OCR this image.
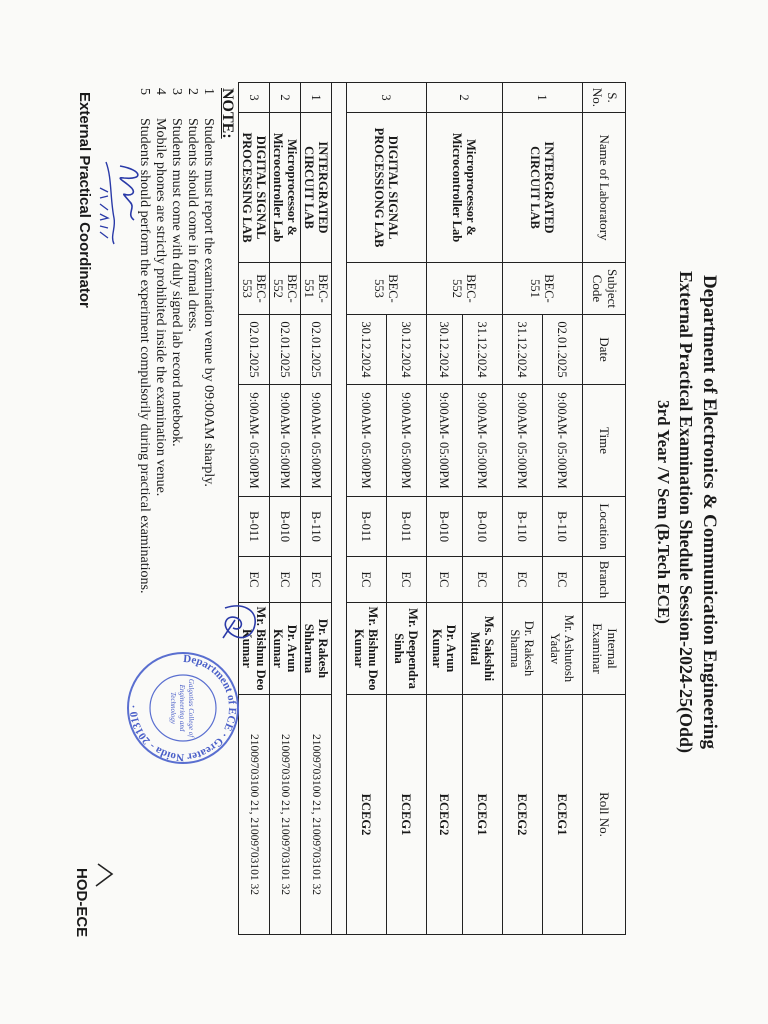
Department of Electronics & Communication Engineering
External Practical Examination Shedule Session-2024-25(Odd)
3rd Year /V Sem (B.Tech ECE)
S. No.	Name of Laboratory	Subject Code	Date	Time	Location	Branch	Internal Examinar	Roll No.
1	INTERGRATED CIRCUIT LAB	BEC-551	02.01.2025	9:00AM- 05:00PM	B-110	EC	Mr. Ashutosh Yadav	ECEG1
			31.12.2024	9:00AM- 05:00PM	B-110	EC	Dr. Rakesh Sharma	ECEG2
2	Microprocessor & Microcontroller Lab	BEC-552	31.12.2024	9:00AM- 05:00PM	B-010	EC	Ms. Sakshhi Mittal	ECEG1
			30.12.2024	9:00AM- 05:00PM	B-010	EC	Dr. Arun Kumar	ECEG2
3	DIGITAL SIGNAL PROCESSIONG LAB	BEC-553	30.12.2024	9:00AM- 05:00PM	B-011	EC	Mr. Deependra Sinha	ECEG1
			30.12.2024	9:00AM- 05:00PM	B-011	EC	Mr. Bishnu Deo Kumar	ECEG2

1	INTERGRATED CIRCUIT LAB	BEC-551	02.01.2025	9:00AM- 05:00PM	B-110	EC	Dr. Rakesh Shharma	21009703100 21, 21009703101 32
2	Microprocessor & Microcontroller Lab	BEC-552	02.01.2025	9:00AM- 05:00PM	B-010	EC	Dr. Arun Kumar	21009703100 21, 21009703101 32
3	DIGITAL SIGNAL PROCESSING LAB	BEC-553	02.01.2025	9:00AM- 05:00PM	B-011	EC	Mr. Bishnu Deo Kumar	21009703100 21, 21009703101 32
NOTE:
1
Students must report the examination venue by 09:00AM sharply.
2
Students should come in formal dress.
3
Students must come with duly signed lab record notebook.
4
Mobile phones are strictly prohibited inside the examination venue.
5
Students should perform the experiment compulsorily during practical examinations.
External Practical Coordinator
Department of ECE · Greater Noida - 201310 ·	Galgotias College of
Engineering and
Technology
HOD-ECE
